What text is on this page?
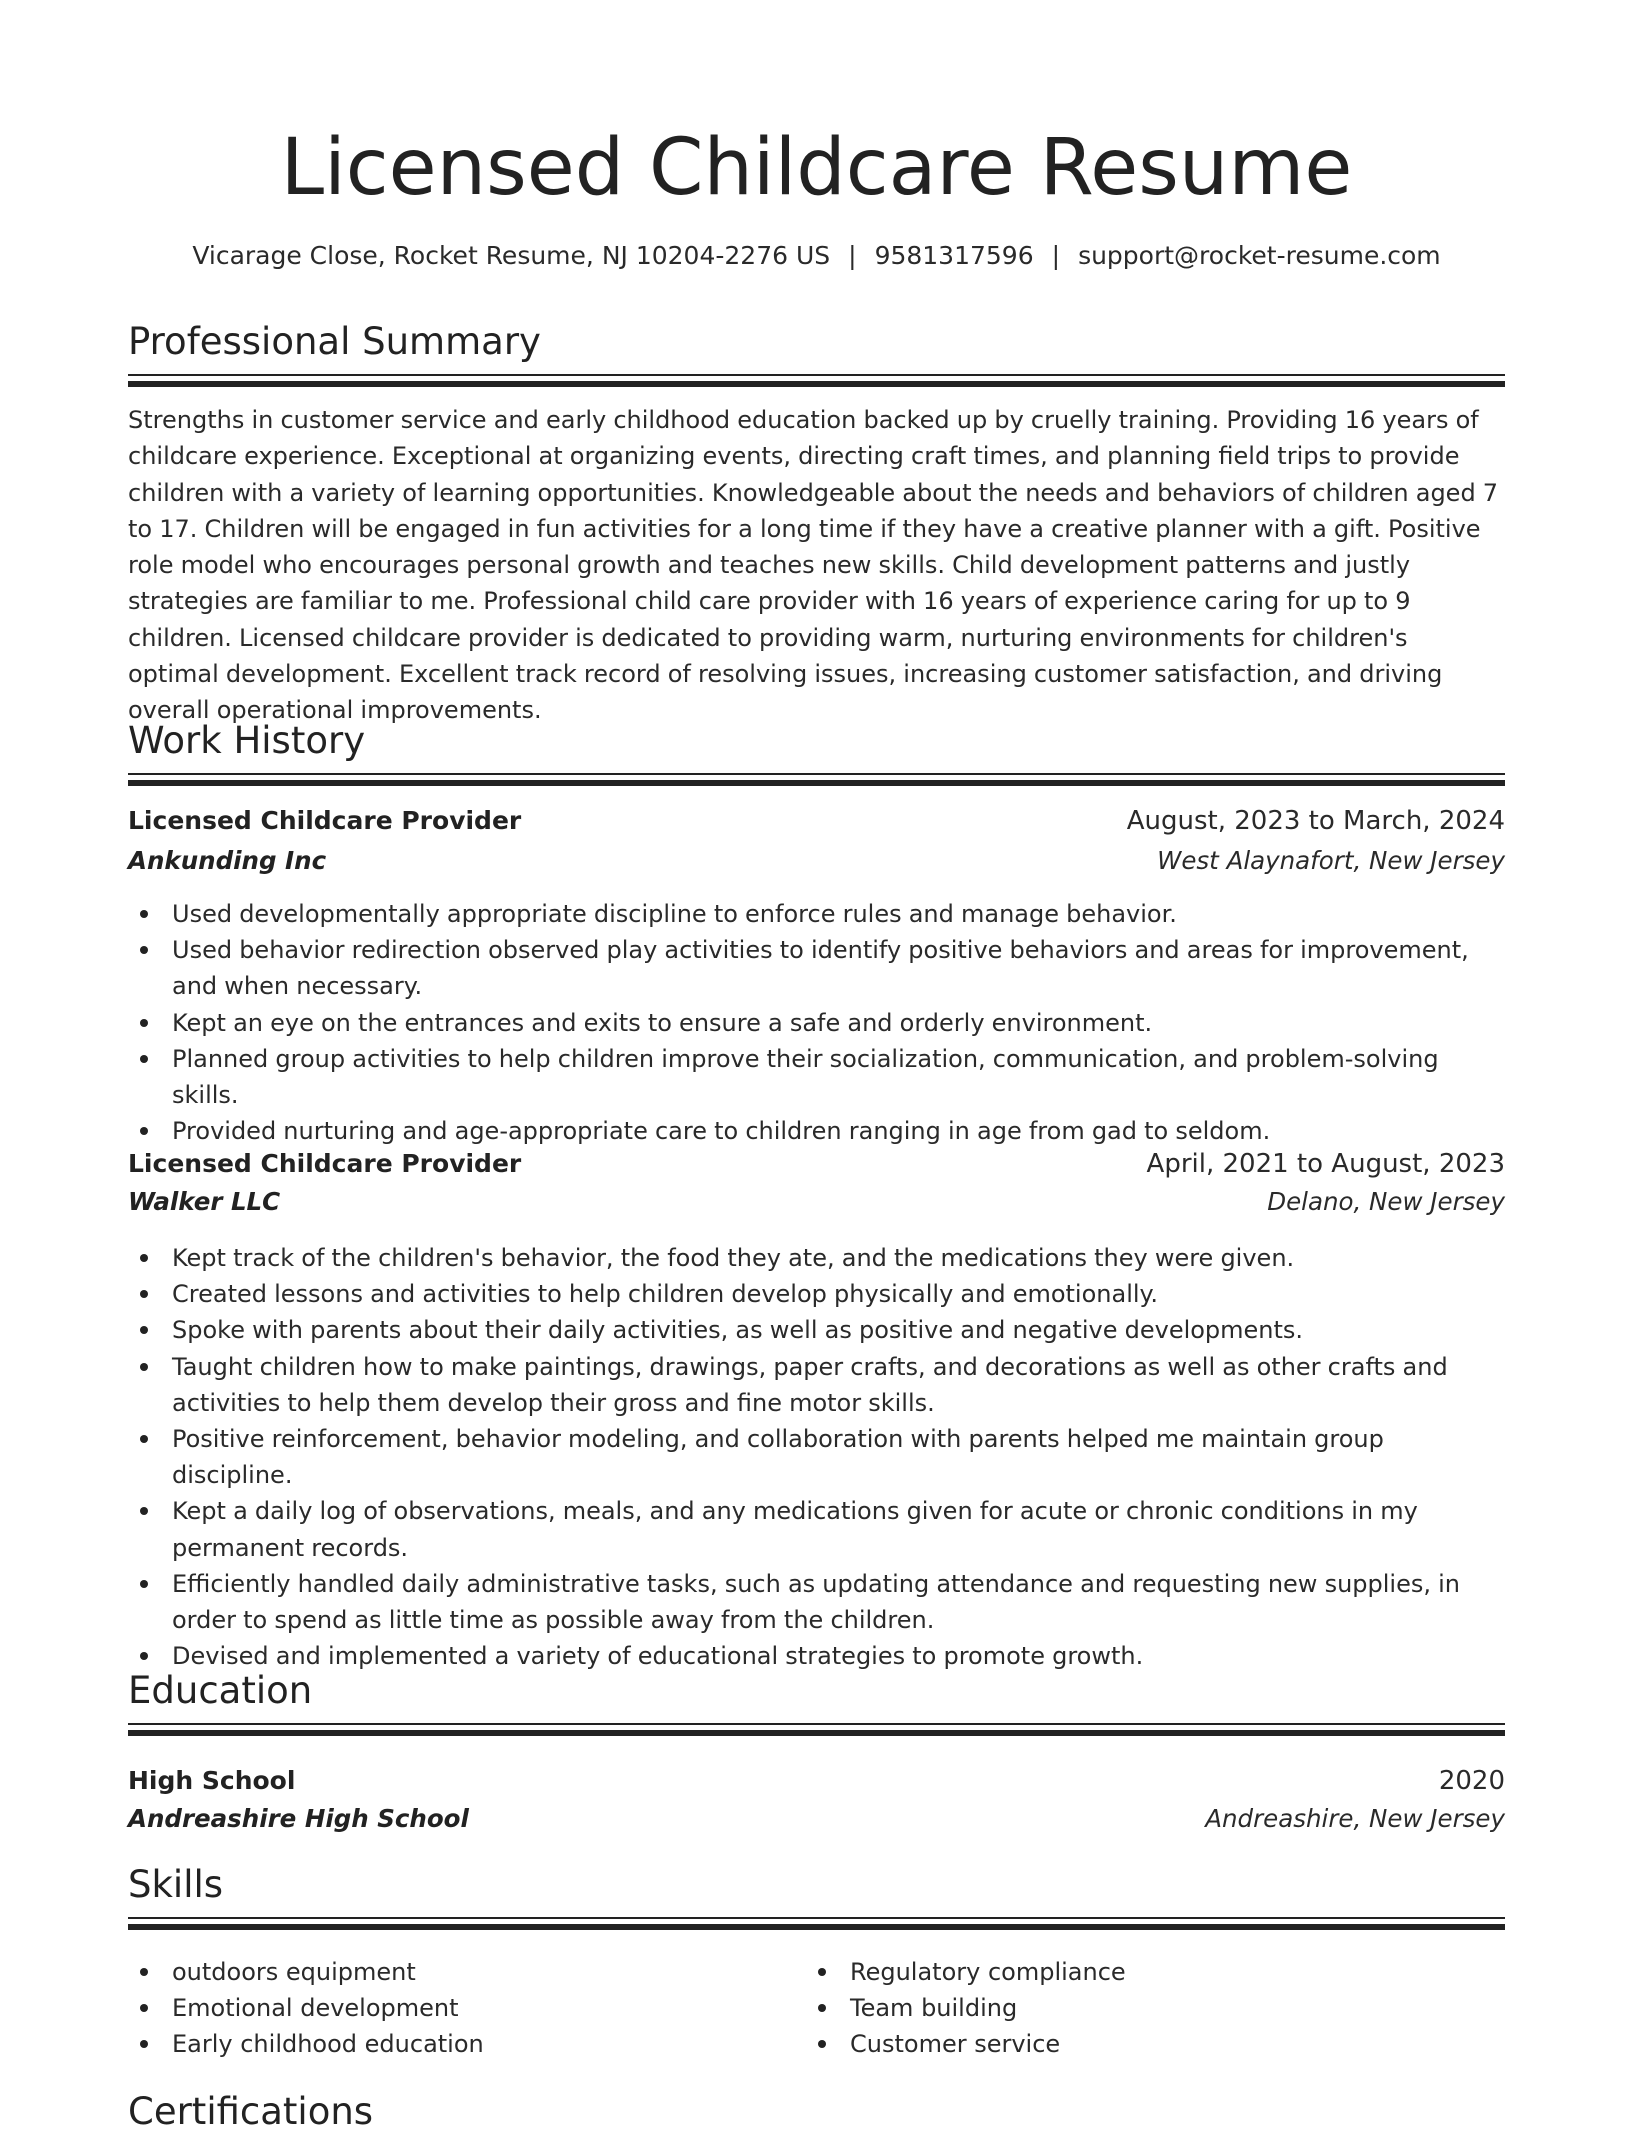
Licensed Childcare Resume
Vicarage Close, Rocket Resume, NJ 10204-2276 US | 9581317596 | support@rocket-resume.com
Professional Summary

Strengths in customer service and early childhood education backed up by cruelly training. Providing 16 years of childcare experience. Exceptional at organizing events, directing craft times, and planning field trips to provide children with a variety of learning opportunities. Knowledgeable about the needs and behaviors of children aged 7 to 17. Children will be engaged in fun activities for a long time if they have a creative planner with a gift. Positive role model who encourages personal growth and teaches new skills. Child development patterns and justly strategies are familiar to me. Professional child care provider with 16 years of experience caring for up to 9 children. Licensed childcare provider is dedicated to providing warm, nurturing environments for children's optimal development. Excellent track record of resolving issues, increasing customer satisfaction, and driving overall operational improvements.

Work History
Licensed Childcare Provider	August, 2023 to March, 2024
Ankunding Inc	West Alaynafort, New Jersey
Used developmentally appropriate discipline to enforce rules and manage behavior.
Used behavior redirection observed play activities to identify positive behaviors and areas for improvement, and when necessary.
Kept an eye on the entrances and exits to ensure a safe and orderly environment.
Planned group activities to help children improve their socialization, communication, and problem-solving skills.
Provided nurturing and age-appropriate care to children ranging in age from gad to seldom.
Licensed Childcare Provider	April, 2021 to August, 2023
Walker LLC	Delano, New Jersey
Kept track of the children's behavior, the food they ate, and the medications they were given.
Created lessons and activities to help children develop physically and emotionally.
Spoke with parents about their daily activities, as well as positive and negative developments.
Taught children how to make paintings, drawings, paper crafts, and decorations as well as other crafts and activities to help them develop their gross and fine motor skills.
Positive reinforcement, behavior modeling, and collaboration with parents helped me maintain group discipline.
Kept a daily log of observations, meals, and any medications given for acute or chronic conditions in my permanent records.
Efficiently handled daily administrative tasks, such as updating attendance and requesting new supplies, in order to spend as little time as possible away from the children.
Devised and implemented a variety of educational strategies to promote growth.
Education
High School	2020
Andreashire High School	Andreashire, New Jersey
Skills
outdoors equipment
Emotional development
Early childhood education
Regulatory compliance
Team building
Customer service
Certifications
